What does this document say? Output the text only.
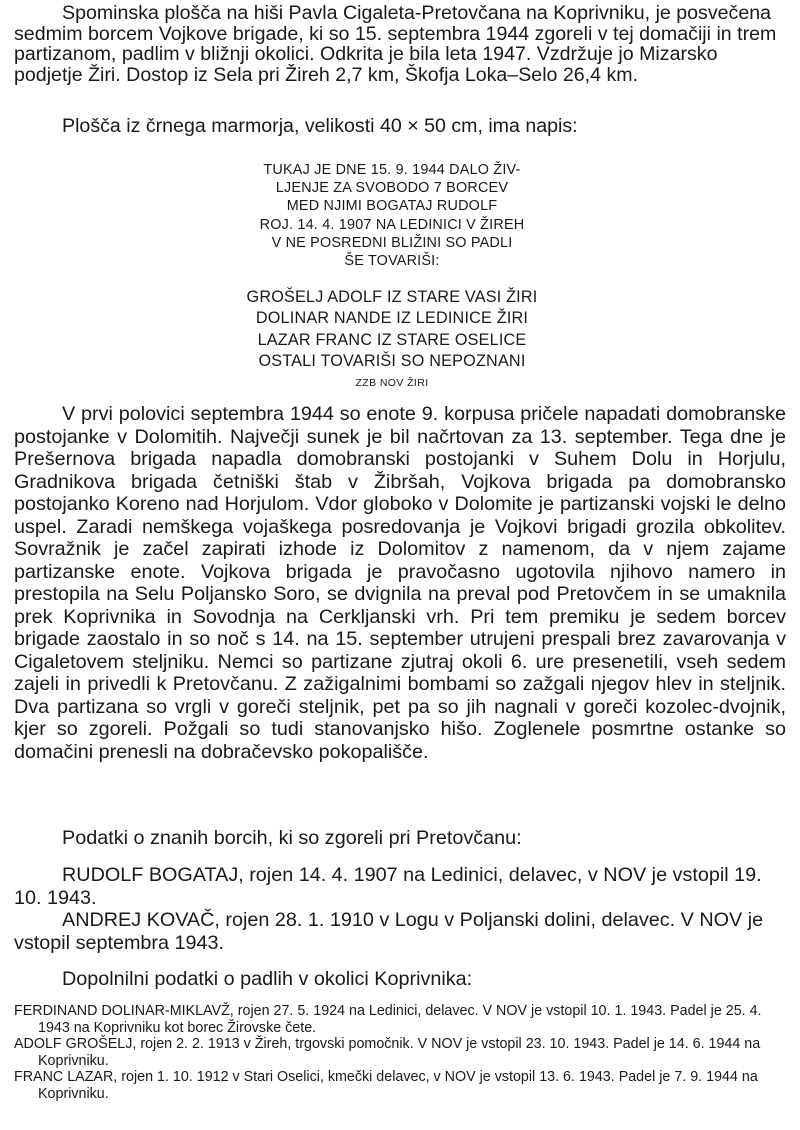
Spominska plošča na hiši Pavla Cigaleta-Pretovčana na Koprivniku, je posvečena sedmim borcem Vojkove brigade, ki so 15. septembra 1944 zgoreli v tej domačiji in trem partizanom, padlim v bližnji okolici. Odkrita je bila leta 1947. Vzdržuje jo Mizarsko podjetje Žiri. Dostop iz Sela pri Žireh 2,7 km, Škofja Loka–Selo 26,4 km.

Plošča iz črnega marmorja, velikosti 40 × 50 cm, ima napis:

TUKAJ JE DNE 15. 9. 1944 DALO ŽIV-
LJENJE ZA SVOBODO 7 BORCEV
MED NJIMI BOGATAJ RUDOLF
ROJ. 14. 4. 1907 NA LEDINICI V ŽIREH
V NE POSREDNI BLIŽINI SO PADLI
ŠE TOVARIŠI:
GROŠELJ ADOLF IZ STARE VASI ŽIRI
DOLINAR NANDE IZ LEDINICE ŽIRI
LAZAR FRANC IZ STARE OSELICE
OSTALI TOVARIŠI SO NEPOZNANI
ZZB NOV ŽIRI

V prvi polovici septembra 1944 so enote 9. korpusa pričele napadati domobranske postojanke v Dolomitih. Največji sunek je bil načrtovan za 13. september. Tega dne je Prešernova brigada napadla domobranski postojanki v Suhem Dolu in Horjulu, Gradnikova brigada četniški štab v Žibršah, Vojkova brigada pa domobransko postojanko Koreno nad Horjulom. Vdor globoko v Dolomite je partizanski vojski le delno uspel. Zaradi nemškega vojaškega posredovanja je Vojkovi brigadi grozila obkolitev. Sovražnik je začel zapirati izhode iz Dolomitov z namenom, da v njem zajame partizanske enote. Vojkova brigada je pravočasno ugotovila njihovo namero in prestopila na Selu Poljansko Soro, se dvignila na preval pod Pretovčem in se umaknila prek Koprivnika in Sovodnja na Cerkljanski vrh. Pri tem premiku je sedem borcev brigade zaostalo in so noč s 14. na 15. september utrujeni prespali brez zavarovanja v Cigaletovem steljniku. Nemci so partizane zjutraj okoli 6. ure presenetili, vseh sedem zajeli in privedli k Pretovčanu. Z zažigalnimi bombami so zažgali njegov hlev in steljnik. Dva partizana so vrgli v goreči steljnik, pet pa so jih nagnali v goreči kozolec-dvojnik, kjer so zgoreli. Požgali so tudi stanovanjsko hišo. Zoglenele posmrtne ostanke so domačini prenesli na dobračevsko pokopališče.

Podatki o znanih borcih, ki so zgoreli pri Pretovčanu:

RUDOLF BOGATAJ, rojen 14. 4. 1907 na Ledinici, delavec, v NOV je vstopil 19. 10. 1943.

ANDREJ KOVAČ, rojen 28. 1. 1910 v Logu v Poljanski dolini, delavec. V NOV je vstopil septembra 1943.

Dopolnilni podatki o padlih v okolici Koprivnika:

FERDINAND DOLINAR-MIKLAVŽ, rojen 27. 5. 1924 na Ledinici, delavec. V NOV je vstopil 10. 1. 1943. Padel je 25. 4. 1943 na Koprivniku kot borec Žirovske čete.

ADOLF GROŠELJ, rojen 2. 2. 1913 v Žireh, trgovski pomočnik. V NOV je vstopil 23. 10. 1943. Padel je 14. 6. 1944 na Koprivniku.

FRANC LAZAR, rojen 1. 10. 1912 v Stari Oselici, kmečki delavec, v NOV je vstopil 13. 6. 1943. Padel je 7. 9. 1944 na Koprivniku.
